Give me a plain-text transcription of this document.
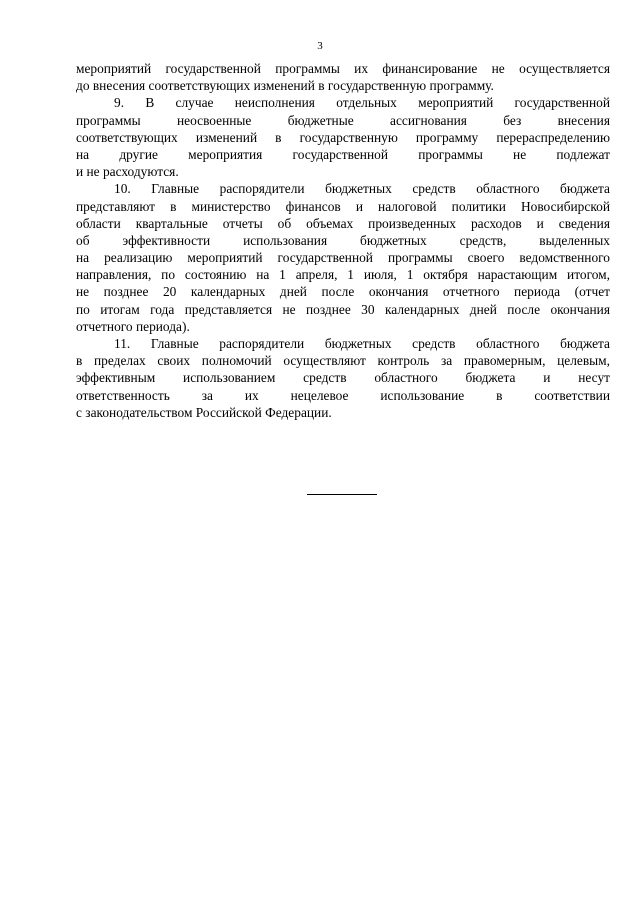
3

мероприятий государственной программы их финансирование не осуществляется
до внесения соответствующих изменений в государственную программу.

9. В случае неисполнения отдельных мероприятий государственной
программы неосвоенные бюджетные ассигнования без внесения
соответствующих изменений в государственную программу перераспределению
на другие мероприятия государственной программы не подлежат
и не расходуются.

10. Главные распорядители бюджетных средств областного бюджета
представляют в министерство финансов и налоговой политики Новосибирской
области квартальные отчеты об объемах произведенных расходов и сведения
об эффективности использования бюджетных средств, выделенных
на реализацию мероприятий государственной программы своего ведомственного
направления, по состоянию на 1 апреля, 1 июля, 1 октября нарастающим итогом,
не позднее 20 календарных дней после окончания отчетного периода (отчет
по итогам года представляется не позднее 30 календарных дней после окончания
отчетного периода).

11. Главные распорядители бюджетных средств областного бюджета
в пределах своих полномочий осуществляют контроль за правомерным, целевым,
эффективным использованием средств областного бюджета и несут
ответственность за их нецелевое использование в соответствии
с законодательством Российской Федерации.
